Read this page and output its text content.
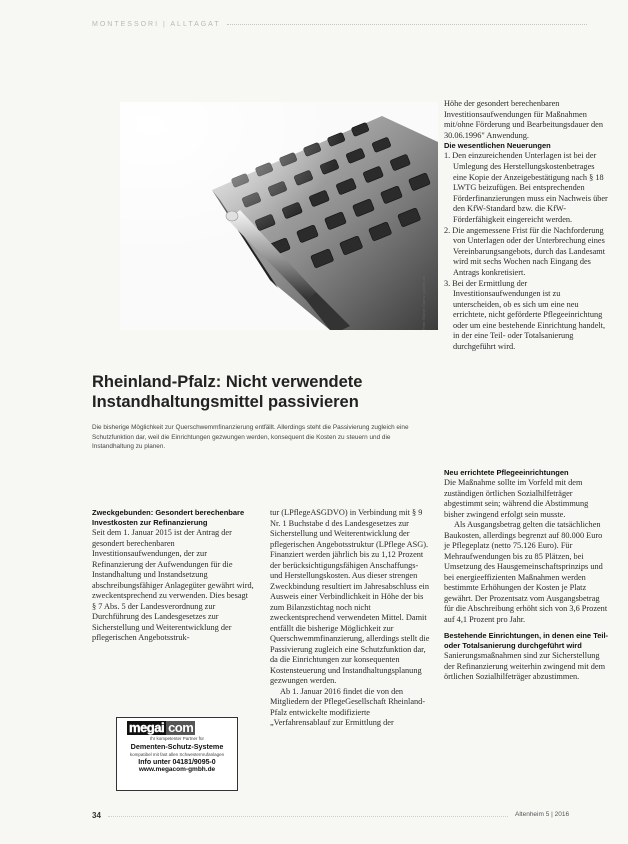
MONTESSORI | ALLTAGAT
Foto: Rainer Sturm / pixelio.de

Höhe der gesondert berechenbaren Investitionsaufwendungen für Maßnahmen mit/ohne Förderung und Bearbeitungsdauer den 30.06.1996" Anwendung.

Die wesentlichen Neuerungen

1. Den einzureichenden Unterlagen ist bei der Umlegung des Herstellungskostenbetrages eine Kopie der Anzeigebestätigung nach § 18 LWTG beizufügen. Bei entsprechenden Förderfinanzierungen muss ein Nachweis über den KfW-Standard bzw. die KfW-Förderfähigkeit eingereicht werden.
2. Die angemessene Frist für die Nachforderung von Unterlagen oder der Unterbrechung eines Vereinbarungsangebots, durch das Landesamt wird mit sechs Wochen nach Eingang des Antrags konkretisiert.
3. Bei der Ermittlung der Investitionsaufwendungen ist zu unterscheiden, ob es sich um eine neu errichtete, nicht geförderte Pflegeeinrichtung oder um eine bestehende Einrichtung handelt, in der eine Teil- oder Totalsanierung durchgeführt wird.
Rheinland-Pfalz: Nicht verwendete
Instandhaltungsmittel passivieren

Die bisherige Möglichkeit zur Querschwemmfinanzierung entfällt. Allerdings steht die Passivierung zugleich eine Schutzfunktion dar, weil die Einrichtungen gezwungen werden, konsequent die Kosten zu steuern und die Instandhaltung zu planen.

Zweckgebunden: Gesondert berechenbare Investkosten zur Refinanzierung

Seit dem 1. Januar 2015 ist der Antrag der gesondert berechenbaren Investitionsaufwendungen, der zur Refinanzierung der Aufwendungen für die Instandhaltung und Instandsetzung abschreibungsfähiger Anlagegüter gewährt wird, zweckentsprechend zu verwenden. Dies besagt § 7 Abs. 5 der Landesverordnung zur Durchführung des Landesgesetzes zur Sicherstellung und Weiterentwicklung der pflegerischen Angebotsstruk-

tur (LPflegeASGDVO) in Verbindung mit § 9 Nr. 1 Buchstabe d des Landesgesetzes zur Sicherstellung und Weiterentwicklung der pflegerischen Angebotsstruktur (LPflege ASG). Finanziert werden jährlich bis zu 1,12 Prozent der berücksichtigungsfähigen Anschaffungs- und Herstellungskosten. Aus dieser strengen Zweckbindung resultiert im Jahresabschluss ein Ausweis einer Verbindlichkeit in Höhe der bis zum Bilanzstichtag noch nicht zweckentsprechend verwendeten Mittel. Damit entfällt die bisherige Möglichkeit zur Querschwemmfinanzierung, allerdings stellt die Passivierung zugleich eine Schutzfunktion dar, da die Einrichtungen zur konsequenten Kostensteuerung und Instandhaltungsplanung gezwungen werden.

Ab 1. Januar 2016 findet die von den Mitgliedern der PflegeGesellschaft Rheinland-Pfalz entwickelte modifizierte „Verfahrensablauf zur Ermittlung der

Neu errichtete Pflegeeinrichtungen

Die Maßnahme sollte im Vorfeld mit dem zuständigen örtlichen Sozialhilfeträger abgestimmt sein; während die Abstimmung bisher zwingend erfolgt sein musste.

Als Ausgangsbetrag gelten die tatsächlichen Baukosten, allerdings begrenzt auf 80.000 Euro je Pflegeplatz (netto 75.126 Euro). Für Mehraufwendungen bis zu 85 Plätzen, bei Umsetzung des Hausgemeinschaftsprinzips und bei energieeffizienten Maßnahmen werden bestimmte Erhöhungen der Kosten je Platz gewährt. Der Prozentsatz vom Ausgangsbetrag für die Abschreibung erhöht sich von 3,6 Prozent auf 4,1 Prozent pro Jahr.

Bestehende Einrichtungen, in denen eine Teil- oder Totalsanierung durchgeführt wird

Sanierungsmaßnahmen sind zur Sicherstellung der Refinanzierung weiterhin zwingend mit dem örtlichen Sozialhilfeträger abzustimmen.

megai com
Ihr kompetenter Partner für
Dementen-Schutz-Systeme
kompatibel mit fast allen Schwesternrufanlagen
Info unter 04181/9095-0
www.megacom-gmbh.de
34	Altenheim 5 | 2016
